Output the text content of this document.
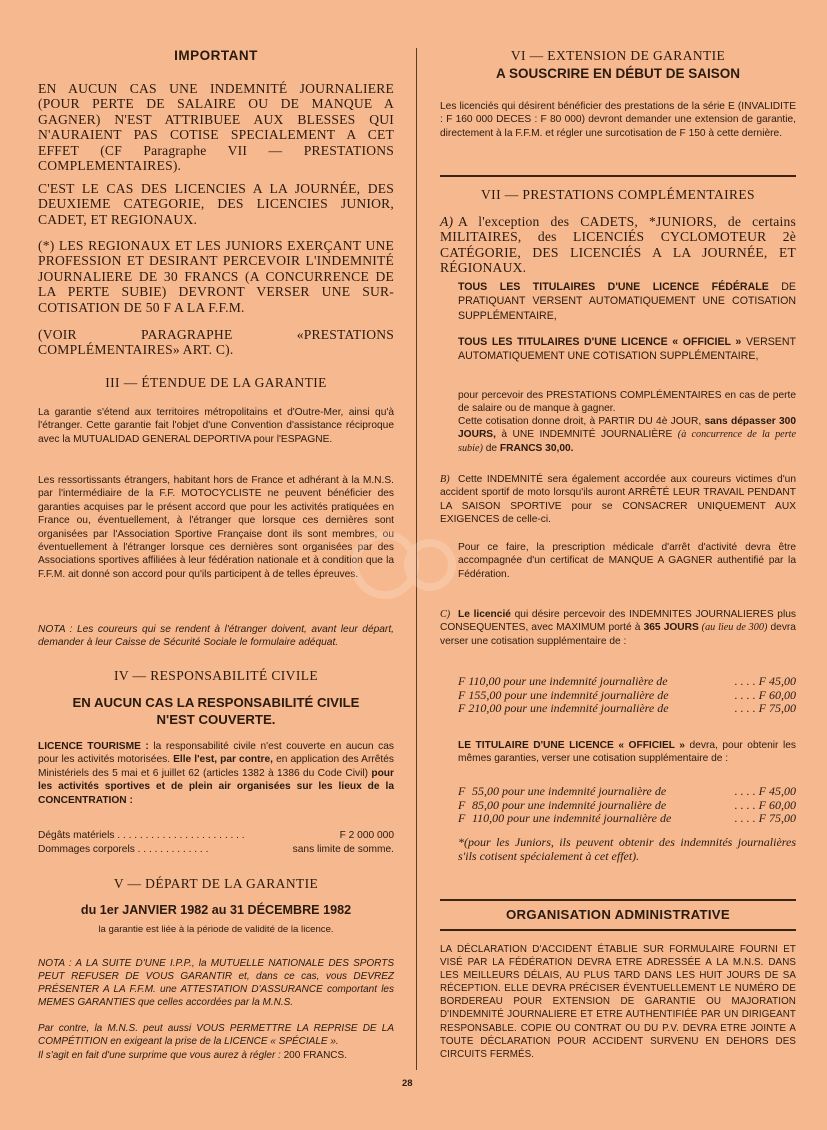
IMPORTANT

EN AUCUN CAS UNE INDEMNITÉ JOURNALIERE (POUR PERTE DE SALAIRE OU DE MANQUE A GAGNER) N'EST ATTRIBUEE AUX BLESSES QUI N'AURAIENT PAS COTISE SPECIALEMENT A CET EFFET (CF Paragraphe VII — PRESTATIONS COMPLEMENTAIRES).

C'EST LE CAS DES LICENCIES A LA JOURNÉE, DES DEUXIEME CATEGORIE, DES LICENCIES JUNIOR, CADET, ET REGIONAUX.

(*) LES REGIONAUX ET LES JUNIORS EXERÇANT UNE PROFESSION ET DESIRANT PERCEVOIR L'INDEMNITÉ JOURNALIERE DE 30 FRANCS (A CONCURRENCE DE LA PERTE SUBIE) DEVRONT VERSER UNE SUR-COTISATION DE 50 F A LA F.F.M.

(VOIR PARAGRAPHE «PRESTATIONS COMPLÉMENTAIRES» ART. C).

III — ÉTENDUE DE LA GARANTIE

La garantie s'étend aux territoires métropolitains et d'Outre-Mer, ainsi qu'à l'étranger. Cette garantie fait l'objet d'une Convention d'assistance réciproque avec la MUTUALIDAD GENERAL DEPORTIVA pour l'ESPAGNE.

Les ressortissants étrangers, habitant hors de France et adhérant à la M.N.S. par l'intermédiaire de la F.F. MOTOCYCLISTE ne peuvent bénéficier des garanties acquises par le présent accord que pour les activités pratiquées en France ou, éventuellement, à l'étranger que lorsque ces dernières sont organisées par l'Association Sportive Française dont ils sont membres, ou éventuellement à l'étranger lorsque ces dernières sont organisées par des Associations sportives affiliées à leur fédération nationale et à condition que la F.F.M. ait donné son accord pour qu'ils participent à de telles épreuves.

NOTA : Les coureurs qui se rendent à l'étranger doivent, avant leur départ, demander à leur Caisse de Sécurité Sociale le formulaire adéquat.

IV — RESPONSABILITÉ CIVILE
EN AUCUN CAS LA RESPONSABILITÉ CIVILE
N'EST COUVERTE.

LICENCE TOURISME : la responsabilité civile n'est couverte en aucun cas pour les activités motorisées. Elle l'est, par contre, en application des Arrêtés Ministériels des 5 mai et 6 juillet 62 (articles 1382 à 1386 du Code Civil) pour les activités sportives et de plein air organisées sur les lieux de la CONCENTRATION :

Dégâts matériels . . . . . . . . . . . . . . . . . . . . . . .	F 2 000 000
Dommages corporels . . . . . . . . . . . . .	sans limite de somme.
V — DÉPART DE LA GARANTIE
du 1er JANVIER 1982 au 31 DÉCEMBRE 1982
la garantie est liée à la période de validité de la licence.

NOTA : A LA SUITE D'UNE I.P.P., la MUTUELLE NATIONALE DES SPORTS PEUT REFUSER DE VOUS GARANTIR et, dans ce cas, vous DEVREZ PRÉSENTER A LA F.F.M. une ATTESTATION D'ASSURANCE comportant les MEMES GARANTIES que celles accordées par la M.N.S.

Par contre, la M.N.S. peut aussi VOUS PERMETTRE LA REPRISE DE LA COMPÉTITION en exigeant la prise de la LICENCE « SPÉCIALE ».

Il s'agit en fait d'une surprime que vous aurez à régler : 200 FRANCS.

VI — EXTENSION DE GARANTIE
A SOUSCRIRE EN DÉBUT DE SAISON

Les licenciés qui désirent bénéficier des prestations de la série E (INVALIDITE : F 160 000 DECES : F 80 000) devront demander une extension de garantie, directement à la F.F.M. et régler une surcotisation de F 150 à cette dernière.

VII — PRESTATIONS COMPLÉMENTAIRES

A) A l'exception des CADETS, *JUNIORS, de certains MILITAIRES, des LICENCIÉS CYCLOMOTEUR 2è CATÉGORIE, DES LICENCIÉS A LA JOURNÉE, ET RÉGIONAUX.

TOUS LES TITULAIRES D'UNE LICENCE FÉDÉRALE DE PRATIQUANT VERSENT AUTOMATIQUEMENT UNE COTISATION SUPPLÉMENTAIRE,

TOUS LES TITULAIRES D'UNE LICENCE « OFFICIEL » VERSENT AUTOMATIQUEMENT UNE COTISATION SUPPLÉMENTAIRE,

pour percevoir des PRESTATIONS COMPLÉMENTAIRES en cas de perte de salaire ou de manque à gagner.

Cette cotisation donne droit, à PARTIR DU 4è JOUR, sans dépasser 300 JOURS, à UNE INDEMNITÉ JOURNALIÈRE (à concurrence de la perte subie) de FRANCS 30,00.

B) Cette INDEMNITÉ sera également accordée aux coureurs victimes d'un accident sportif de moto lorsqu'ils auront ARRÊTÉ LEUR TRAVAIL PENDANT LA SAISON SPORTIVE pour se CONSACRER UNIQUEMENT AUX EXIGENCES de celle-ci.

Pour ce faire, la prescription médicale d'arrêt d'activité devra être accompagnée d'un certificat de MANQUE A GAGNER authentifié par la Fédération.

C) Le licencié qui désire percevoir des INDEMNITES JOURNALIERES plus CONSEQUENTES, avec MAXIMUM porté à 365 JOURS (au lieu de 300) devra verser une cotisation supplémentaire de :

F 110,00 pour une indemnité journalière de	. . . . F 45,00
F 155,00 pour une indemnité journalière de	. . . . F 60,00
F 210,00 pour une indemnité journalière de	. . . . F 75,00

LE TITULAIRE D'UNE LICENCE « OFFICIEL » devra, pour obtenir les mêmes garanties, verser une cotisation supplémentaire de :

F 55,00 pour une indemnité journalière de	. . . . F 45,00
F 85,00 pour une indemnité journalière de	. . . . F 60,00
F 110,00 pour une indemnité journalière de	. . . . F 75,00

*(pour les Juniors, ils peuvent obtenir des indemnités journalières s'ils cotisent spécialement à cet effet).

ORGANISATION ADMINISTRATIVE

LA DÉCLARATION D'ACCIDENT ÉTABLIE SUR FORMULAIRE FOURNI ET VISÉ PAR LA FÉDÉRATION DEVRA ETRE ADRESSÉE A LA M.N.S. DANS LES MEILLEURS DÉLAIS, AU PLUS TARD DANS LES HUIT JOURS DE SA RÉCEPTION. ELLE DEVRA PRÉCISER ÉVENTUELLEMENT LE NUMÉRO DE BORDEREAU POUR EXTENSION DE GARANTIE OU MAJORATION D'INDEMNITÉ JOURNALIERE ET ETRE AUTHENTIFIÉE PAR UN DIRIGEANT RESPONSABLE. COPIE OU CONTRAT OU DU P.V. DEVRA ETRE JOINTE A TOUTE DÉCLARATION POUR ACCIDENT SURVENU EN DEHORS DES CIRCUITS FERMÉS.

28
